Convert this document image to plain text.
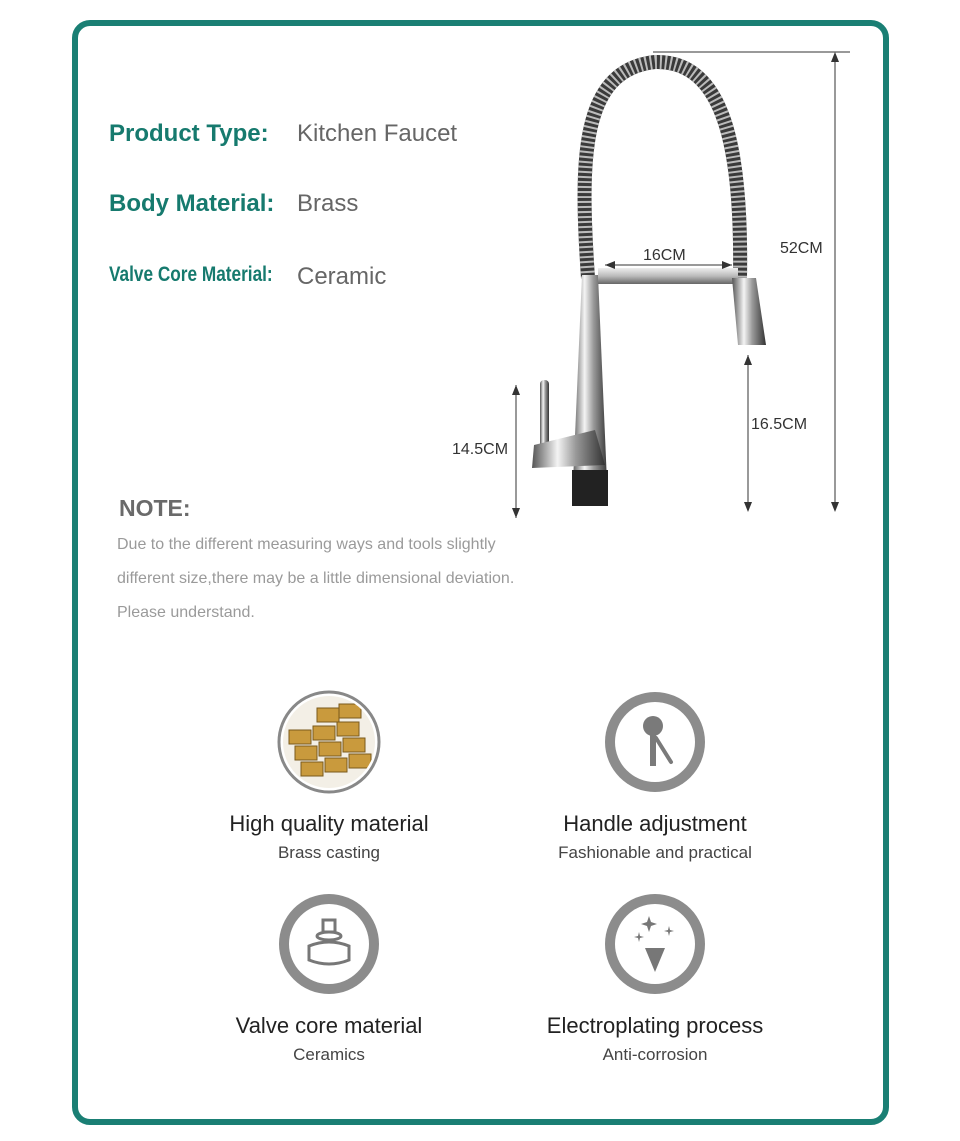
Product Type: Kitchen Faucet
Body Material: Brass
Valve Core Material:	Ceramic
52CM
16CM
16.5CM
14.5CM
NOTE:
Due to the different measuring ways and tools slightly
different size,there may be a little dimensional deviation.
Please understand.
High quality material
Brass casting
Handle adjustment
Fashionable and practical
Valve core material
Ceramics
Electroplating process
Anti-corrosion
